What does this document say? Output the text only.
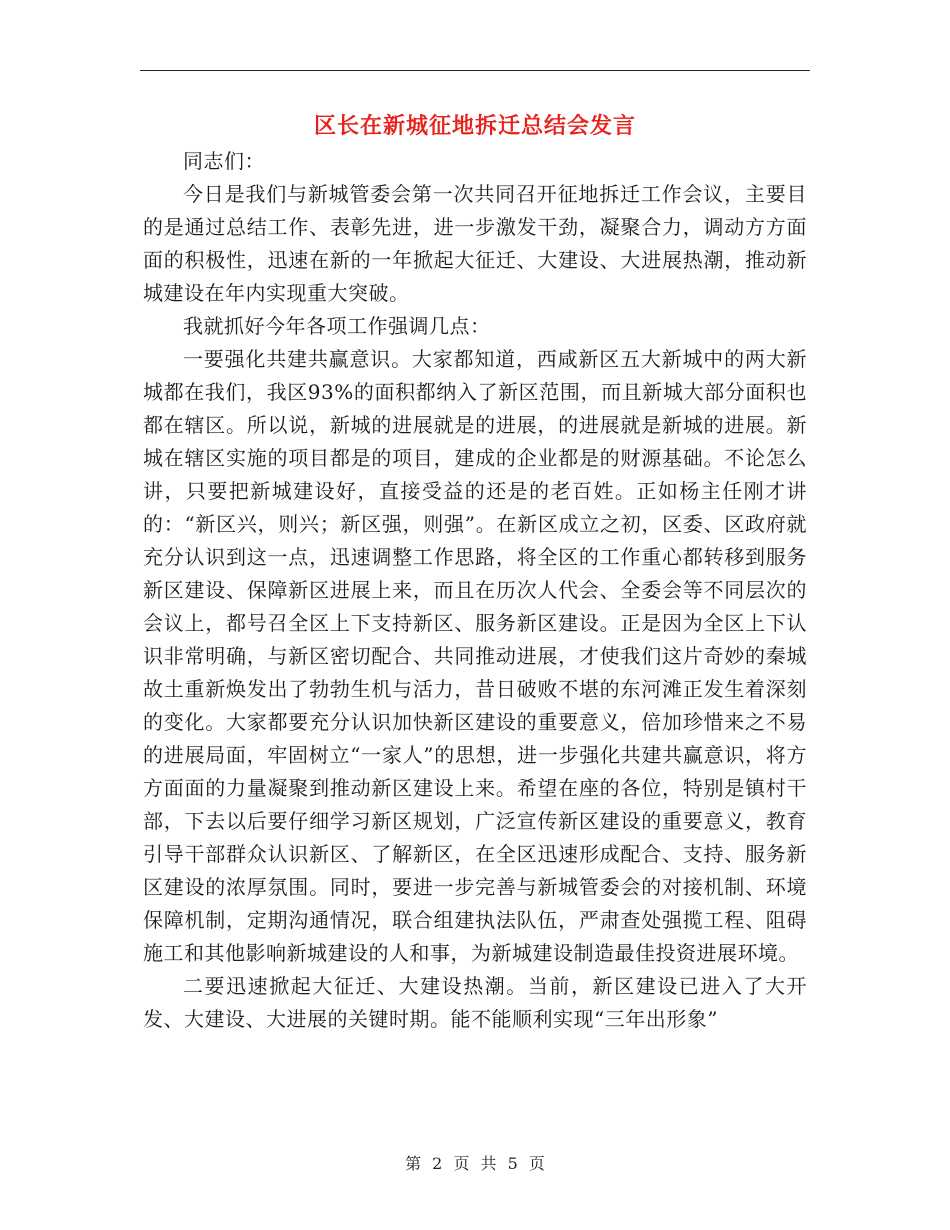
区长在新城征地拆迁总结会发言

同志们：

今日是我们与新城管委会第一次共同召开征地拆迁工作会议，主要目的是通过总结工作、表彰先进，进一步激发干劲，凝聚合力，调动方方面面的积极性，迅速在新的一年掀起大征迁、大建设、大进展热潮，推动新城建设在年内实现重大突破。

我就抓好今年各项工作强调几点：

一要强化共建共赢意识。大家都知道，西咸新区五大新城中的两大新城都在我们，我区93%的面积都纳入了新区范围，而且新城大部分面积也都在辖区。所以说，新城的进展就是的进展，的进展就是新城的进展。新城在辖区实施的项目都是的项目，建成的企业都是的财源基础。不论怎么讲，只要把新城建设好，直接受益的还是的老百姓。正如杨主任刚才讲的：“新区兴，则兴；新区强，则强”。在新区成立之初，区委、区政府就充分认识到这一点，迅速调整工作思路，将全区的工作重心都转移到服务新区建设、保障新区进展上来，而且在历次人代会、全委会等不同层次的会议上，都号召全区上下支持新区、服务新区建设。正是因为全区上下认识非常明确，与新区密切配合、共同推动进展，才使我们这片奇妙的秦城故土重新焕发出了勃勃生机与活力，昔日破败不堪的东河滩正发生着深刻的变化。大家都要充分认识加快新区建设的重要意义，倍加珍惜来之不易的进展局面，牢固树立“一家人”的思想，进一步强化共建共赢意识，将方方面面的力量凝聚到推动新区建设上来。希望在座的各位，特别是镇村干部，下去以后要仔细学习新区规划，广泛宣传新区建设的重要意义，教育引导干部群众认识新区、了解新区，在全区迅速形成配合、支持、服务新区建设的浓厚氛围。同时，要进一步完善与新城管委会的对接机制、环境保障机制，定期沟通情况，联合组建执法队伍，严肃查处强揽工程、阻碍施工和其他影响新城建设的人和事，为新城建设制造最佳投资进展环境。

二要迅速掀起大征迁、大建设热潮。当前，新区建设已进入了大开发、大建设、大进展的关键时期。能不能顺利实现“三年出形象”

第 2 页 共 5 页
